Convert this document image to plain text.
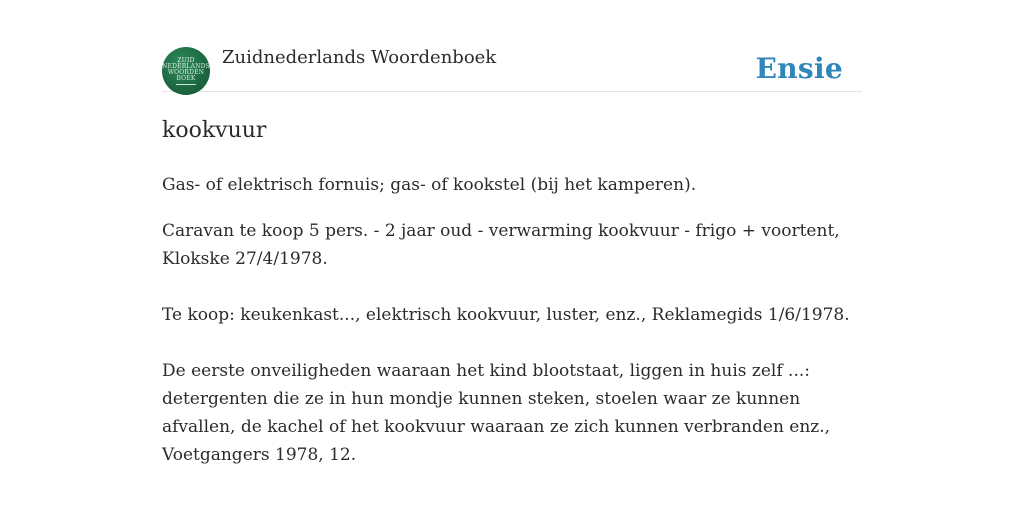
ZUID
NEDERLANDS
WOORDEN
BOEK
Zuidnederlands Woordenboek	Ensie
kookvuur
Gas- of elektrisch fornuis; gas- of kookstel (bij het kamperen).
Caravan te koop 5 pers. - 2 jaar oud - verwarming kookvuur - frigo + voortent, Klokske 27/4/1978.
Te koop: keukenkast..., elektrisch kookvuur, luster, enz., Reklamegids 1/6/1978.
De eerste onveiligheden waaraan het kind blootstaat, liggen in huis zelf ...: detergenten die ze in hun mondje kunnen steken, stoelen waar ze kunnen afvallen, de kachel of het kookvuur waaraan ze zich kunnen verbranden enz., Voetgangers 1978, 12.
